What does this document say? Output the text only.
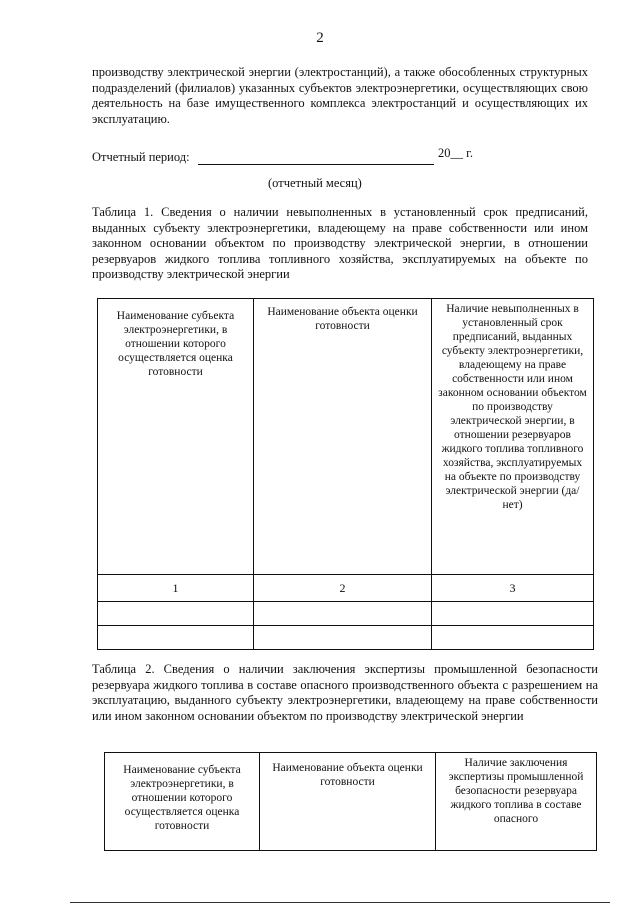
2
производству электрической энергии (электростанций), а также обособленных структурных подразделений (филиалов) указанных субъектов электроэнергетики, осуществляющих свою деятельность на базе имущественного комплекса электростанций и осуществляющих их эксплуатацию.
Отчетный период:	20__ г.
(отчетный месяц)
Таблица 1. Сведения о наличии невыполненных в установленный срок предписаний, выданных субъекту электроэнергетики, владеющему на праве собственности или ином законном основании объектом по производству электрической энергии, в отношении резервуаров жидкого топлива топливного хозяйства, эксплуатируемых на объекте по производству электрической энергии
Наименование субъекта электроэнергетики, в отношении которого осуществляется оценка готовности	Наименование объекта оценки готовности	Наличие невыполненных в установленный срок предписаний, выданных субъекту электроэнергетики, владеющему на праве собственности или ином законном основании объектом по производству электрической энергии, в отношении резервуаров жидкого топлива топливного хозяйства, эксплуатируемых на объекте по производству электрической энергии (да/нет)
1	2	3

Таблица 2. Сведения о наличии заключения экспертизы промышленной безопасности резервуара жидкого топлива в составе опасного производственного объекта с разрешением на эксплуатацию, выданного субъекту электроэнергетики, владеющему на праве собственности или ином законном основании объектом по производству электрической энергии
Наименование субъекта электроэнергетики, в отношении которого осуществляется оценка готовности	Наименование объекта оценки готовности	Наличие заключения экспертизы промышленной безопасности резервуара жидкого топлива в составе опасного
